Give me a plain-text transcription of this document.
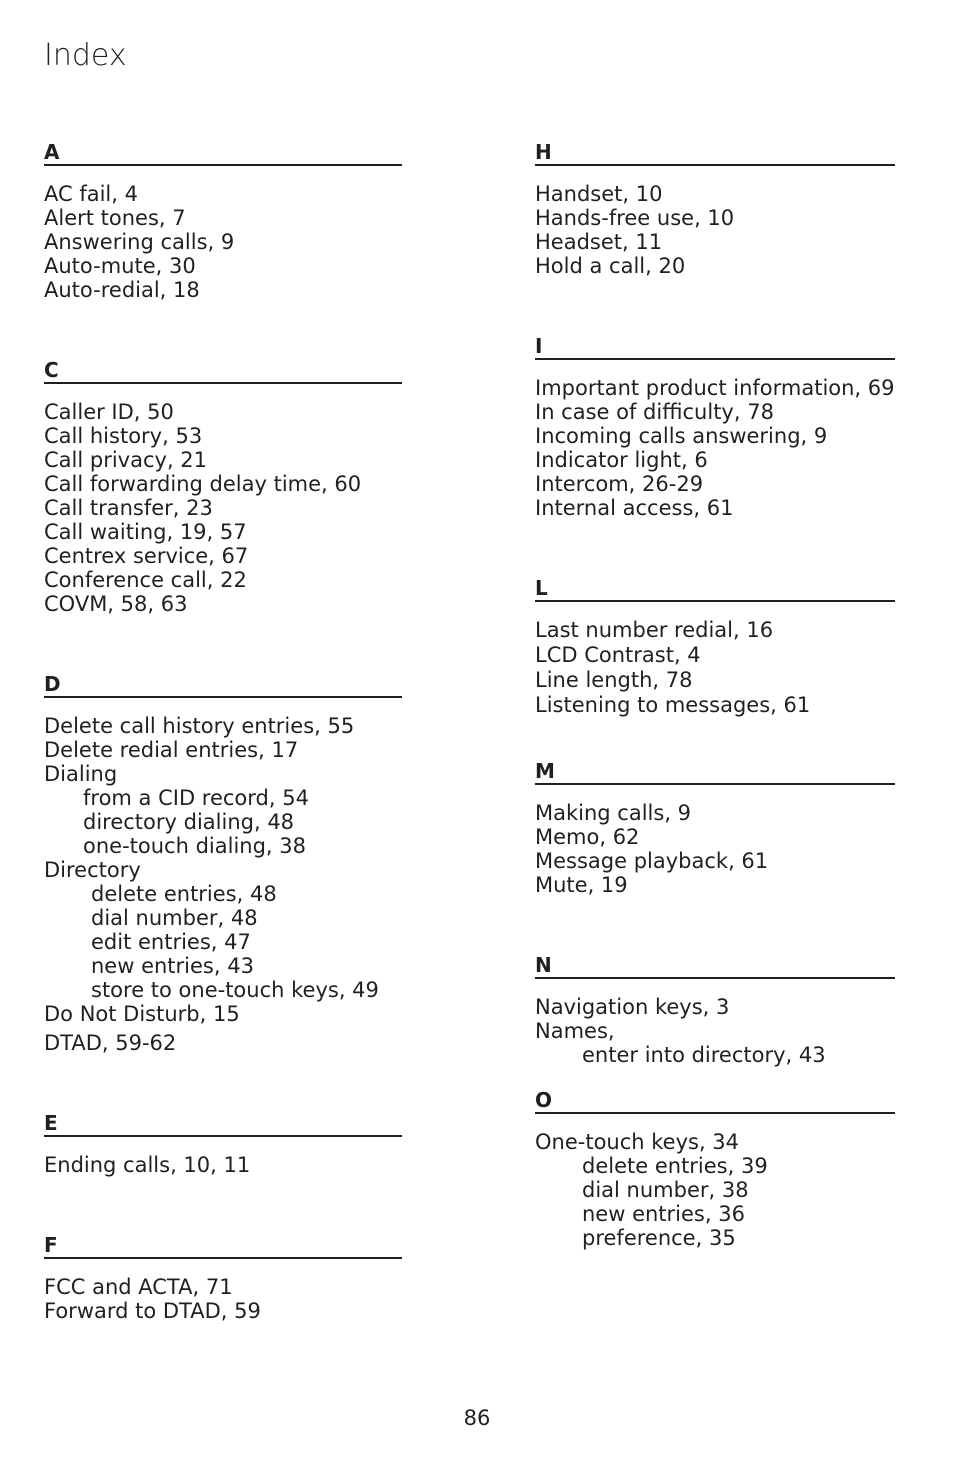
Index
A
AC fail, 4
Alert tones, 7
Answering calls, 9
Auto-mute, 30
Auto-redial, 18
C
Caller ID, 50
Call history, 53
Call privacy, 21
Call forwarding delay time, 60
Call transfer, 23
Call waiting, 19, 57
Centrex service, 67
Conference call, 22
COVM, 58, 63
D
Delete call history entries, 55
Delete redial entries, 17
Dialing
from a CID record, 54
directory dialing, 48
one-touch dialing, 38
Directory
delete entries, 48
dial number, 48
edit entries, 47
new entries, 43
store to one-touch keys, 49
Do Not Disturb, 15
DTAD, 59-62
E
Ending calls, 10, 11
F
FCC and ACTA, 71
Forward to DTAD, 59
H
Handset, 10
Hands-free use, 10
Headset, 11
Hold a call, 20
I
Important product information, 69
In case of difficulty, 78
Incoming calls answering, 9
Indicator light, 6
Intercom, 26-29
Internal access, 61
L
Last number redial, 16
LCD Contrast, 4
Line length, 78
Listening to messages, 61
M
Making calls, 9
Memo, 62
Message playback, 61
Mute, 19
N
Navigation keys, 3
Names,
enter into directory, 43
O
One-touch keys, 34
delete entries, 39
dial number, 38
new entries, 36
preference, 35
86
